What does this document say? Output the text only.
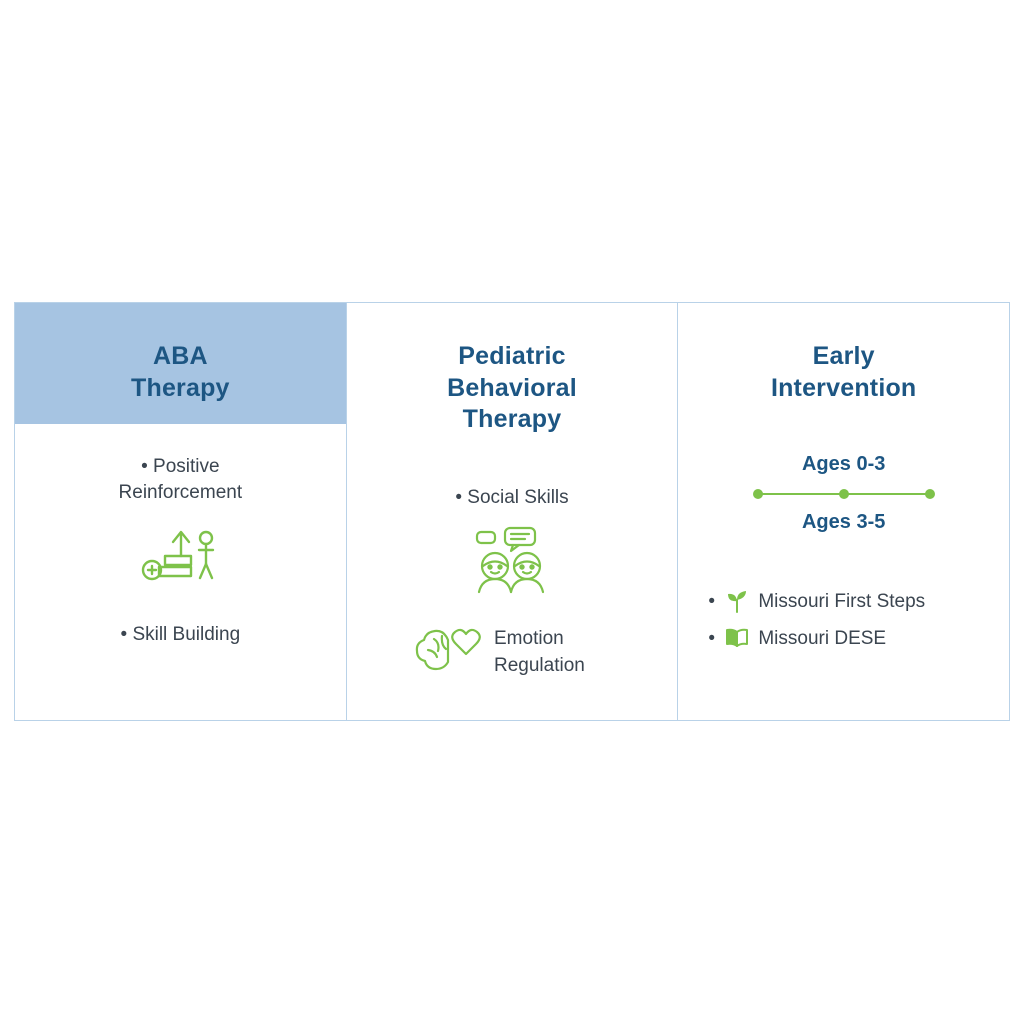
ABA
Therapy
• Positive
Reinforcement
• Skill Building
Pediatric
Behavioral
Therapy
• Social Skills
Emotion
Regulation
Early
Intervention
Ages 0-3
Ages 3-5
• Missouri First Steps
• Missouri DESE
